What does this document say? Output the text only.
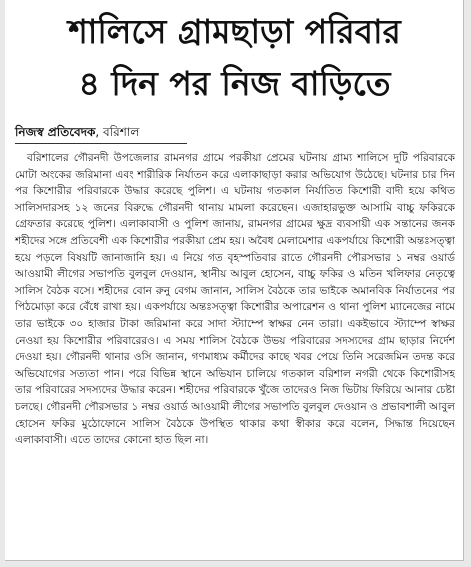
শালিসে গ্রামছাড়া পরিবার
৪ দিন পর নিজ বাড়িতে
নিজস্ব প্রতিবেদক, বরিশাল

বরিশালের গৌরনদী উপজেলার রামনগর গ্রামে পরকীয়া প্রেমের ঘটনায় গ্রাম্য শালিসে দুটি পরিবারকে মোটা অংকের জরিমানা এবং শারীরিক নির্যাতন করে এলাকাছাড়া করার অভিযোগ উঠেছে। ঘটনার চার দিন পর কিশোরীর পরিবারকে উদ্ধার করেছে পুলিশ। এ ঘটনায় গতকাল নির্যাতিত কিশোরী বাদী হয়ে কথিত সালিসদারসহ ১২ জনের বিরুদ্ধে গৌরনদী থানায় মামলা করেছেন। এজাহারভুক্ত আসামি বাচ্চু ফকিরকে গ্রেফতার করেছে পুলিশ। এলাকাবাসী ও পুলিশ জানায়, রামনগর গ্রামের ক্ষুদ্র ব্যবসায়ী এক সন্তানের জনক শহীদের সঙ্গে প্রতিবেশী এক কিশোরীর পরকীয়া প্রেম হয়। অবৈধ মেলামেশার একপর্যায়ে কিশোরী অন্তঃসত্ত্বা হয়ে পড়লে বিষয়টি জানাজানি হয়। এ নিয়ে গত বৃহস্পতিবার রাতে গৌরনদী পৌরসভার ১ নম্বর ওয়ার্ড আওয়ামী লীগের সভাপতি বুলবুল দেওয়ান, স্থানীয় আবুল হোসেন, বাচ্চু ফকির ও মতিন খলিফার নেতৃত্বে সালিস বৈঠক বসে। শহীদের বোন রুনু বেগম জানান, সালিস বৈঠকে তার ভাইকে অমানবিক নির্যাতনের পর পিঠমোড়া করে বেঁধে রাখা হয়। একপর্যায়ে অন্তঃসত্ত্বা কিশোরীর অপারেশন ও থানা পুলিশ ম্যানেজের নামে তার ভাইকে ৩০ হাজার টাকা জরিমানা করে সাদা স্ট্যাম্পে স্বাক্ষর নেন তারা। একইভাবে স্ট্যাম্পে স্বাক্ষর নেওয়া হয় কিশোরীর পরিবারেরও। এ সময় শালিস বৈঠকে উভয় পরিবারের সদস্যদের গ্রাম ছাড়ার নির্দেশ দেওয়া হয়। গৌরনদী থানার ওসি জানান, গণমাধ্যম কর্মীদের কাছে খবর পেয়ে তিনি সরেজমিন তদন্ত করে অভিযোগের সত্যতা পান। পরে বিভিন্ন স্থানে অভিযান চালিয়ে গতকাল বরিশাল নগরী থেকে কিশোরীসহ তার পরিবারের সদস্যদের উদ্ধার করেন। শহীদের পরিবারকে খুঁজে তাদেরও নিজ ভিটায় ফিরিয়ে আনার চেষ্টা চলছে। গৌরনদী পৌরসভার ১ নম্বর ওয়ার্ড আওয়ামী লীগের সভাপতি বুলবুল দেওয়ান ও প্রভাবশালী আবুল হোসেন ফকির মুঠোফোনে সালিস বৈঠকে উপস্থিত থাকার কথা স্বীকার করে বলেন, সিদ্ধান্ত দিয়েছেন এলাকাবাসী। এতে তাদের কোনো হাত ছিল না।
